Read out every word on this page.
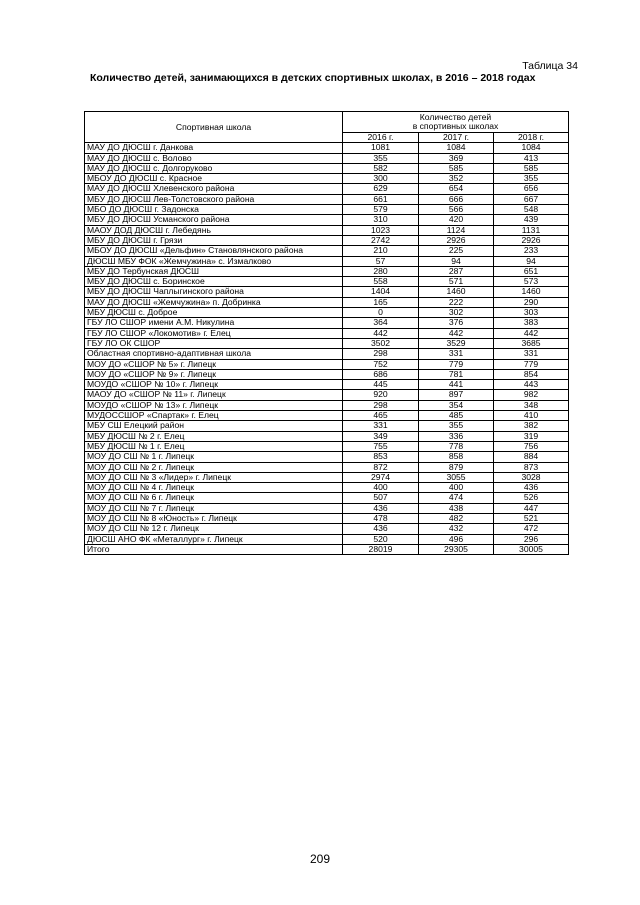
Таблица 34
Количество детей, занимающихся в детских спортивных школах, в 2016 – 2018 годах
Спортивная школа	Количество детей
в спортивных школах		
	2016 г.	2017 г.	2018 г.
МАУ ДО ДЮСШ г. Данкова	1081	1084	1084
МАУ ДО ДЮСШ с. Волово	355	369	413
МАУ ДО ДЮСШ с. Долгоруково	582	585	585
МБОУ ДО ДЮСШ с. Красное	300	352	355
МАУ ДО ДЮСШ Хлевенского района	629	654	656
МБУ ДО ДЮСШ Лев-Толстовского района	661	666	667
МБО ДО ДЮСШ г. Задонска	579	566	548
МБУ ДО ДЮСШ Усманского района	310	420	439
МАОУ ДОД ДЮСШ г. Лебедянь	1023	1124	1131
МБУ ДО ДЮСШ г. Грязи	2742	2926	2926
МБОУ ДО ДЮСШ «Дельфин» Становлянского района	210	225	233
ДЮСШ МБУ ФОК «Жемчужина» с. Измалково	57	94	94
МБУ ДО Тербунская ДЮСШ	280	287	651
МБУ ДО ДЮСШ с. Боринское	558	571	573
МБУ ДО ДЮСШ Чаплыгинского района	1404	1460	1460
МАУ ДО ДЮСШ «Жемчужина» п. Добринка	165	222	290
МБУ ДЮСШ с. Доброе	0	302	303
ГБУ ЛО СШОР имени А.М. Никулина	364	376	383
ГБУ ЛО СШОР «Локомотив» г. Елец	442	442	442
ГБУ ЛО ОК СШОР	3502	3529	3685
Областная спортивно-адаптивная школа	298	331	331
МОУ ДО «СШОР № 5» г. Липецк	752	779	779
МОУ ДО «СШОР № 9» г. Липецк	686	781	854
МОУДО «СШОР № 10» г. Липецк	445	441	443
МАОУ ДО «СШОР № 11» г. Липецк	920	897	982
МОУДО «СШОР № 13» г. Липецк	298	354	348
МУДОССШОР «Спартак» г. Елец	465	485	410
МБУ СШ Елецкий район	331	355	382
МБУ ДЮСШ № 2 г. Елец	349	336	319
МБУ ДЮСШ № 1 г. Елец	755	778	756
МОУ ДО СШ № 1 г. Липецк	853	858	884
МОУ ДО СШ № 2 г. Липецк	872	879	873
МОУ ДО СШ № 3 «Лидер» г. Липецк	2974	3055	3028
МОУ ДО СШ № 4 г. Липецк	400	400	436
МОУ ДО СШ № 6 г. Липецк	507	474	526
МОУ ДО СШ № 7 г. Липецк	436	438	447
МОУ ДО СШ № 8 «Юность» г. Липецк	478	482	521
МОУ ДО СШ № 12 г. Липецк	436	432	472
ДЮСШ АНО ФК «Металлург» г. Липецк	520	496	296
Итого	28019	29305	30005
209
